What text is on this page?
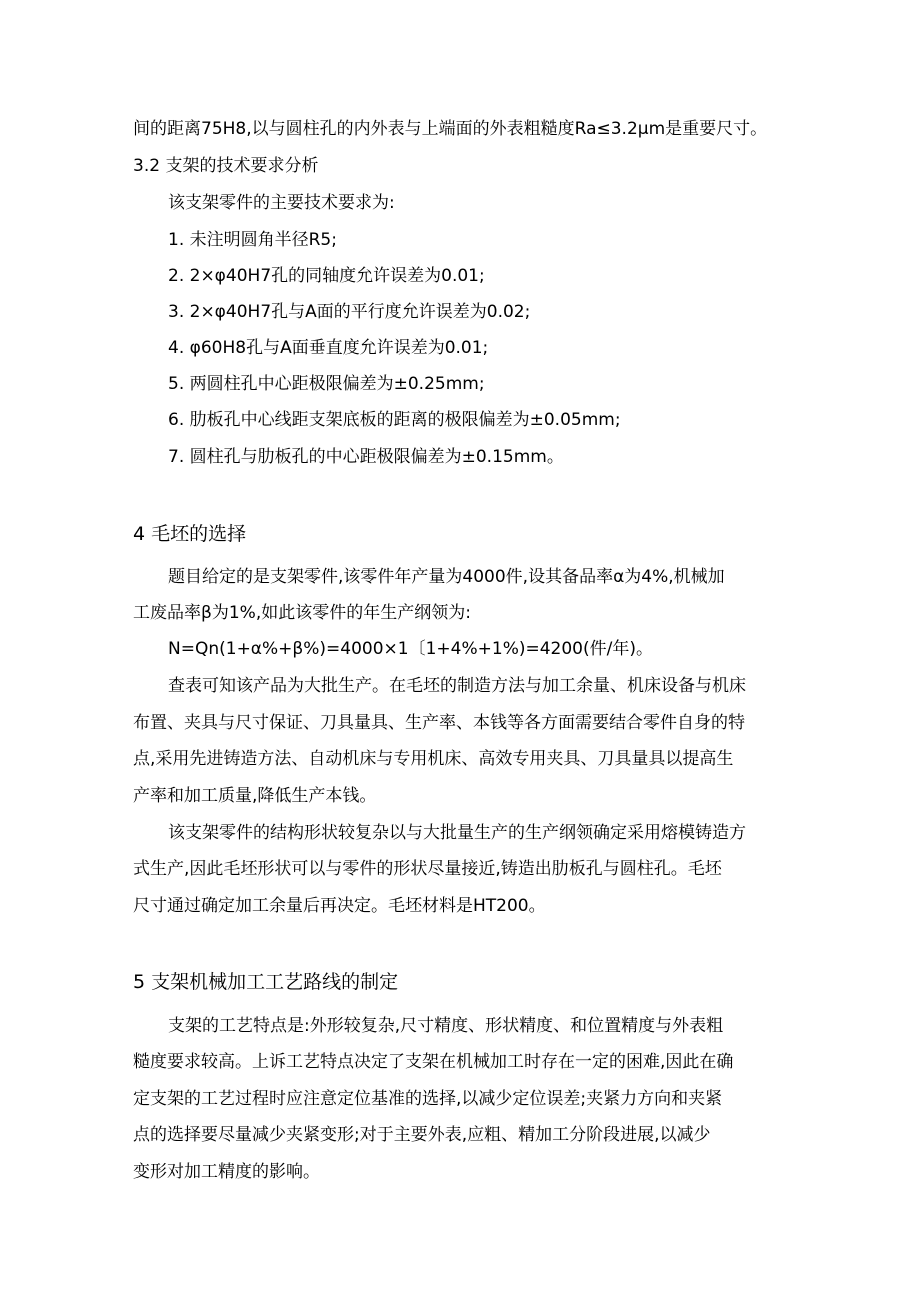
间的距离75H8,以与圆柱孔的内外表与上端面的外表粗糙度Ra≤3.2μm是重要尺寸。
3.2 支架的技术要求分析
该支架零件的主要技术要求为:
1. 未注明圆角半径R5;
2. 2×φ40H7孔的同轴度允许误差为0.01;
3. 2×φ40H7孔与A面的平行度允许误差为0.02;
4. φ60H8孔与A面垂直度允许误差为0.01;
5. 两圆柱孔中心距极限偏差为±0.25mm;
6. 肋板孔中心线距支架底板的距离的极限偏差为±0.05mm;
7. 圆柱孔与肋板孔的中心距极限偏差为±0.15mm。
4 毛坯的选择
题目给定的是支架零件,该零件年产量为4000件,设其备品率α为4%,机械加
工废品率β为1%,如此该零件的年生产纲领为:
N=Qn(1+α%+β%)=4000×1〔1+4%+1%)=4200(件/年)。
查表可知该产品为大批生产。在毛坯的制造方法与加工余量、机床设备与机床
布置、夹具与尺寸保证、刀具量具、生产率、本钱等各方面需要结合零件自身的特
点,采用先进铸造方法、自动机床与专用机床、高效专用夹具、刀具量具以提高生
产率和加工质量,降低生产本钱。
该支架零件的结构形状较复杂以与大批量生产的生产纲领确定采用熔模铸造方
式生产,因此毛坯形状可以与零件的形状尽量接近,铸造出肋板孔与圆柱孔。毛坯
尺寸通过确定加工余量后再决定。毛坯材料是HT200。
5 支架机械加工工艺路线的制定
支架的工艺特点是:外形较复杂,尺寸精度、形状精度、和位置精度与外表粗
糙度要求较高。上诉工艺特点决定了支架在机械加工时存在一定的困难,因此在确
定支架的工艺过程时应注意定位基准的选择,以减少定位误差;夹紧力方向和夹紧
点的选择要尽量减少夹紧变形;对于主要外表,应粗、精加工分阶段进展,以减少
变形对加工精度的影响。
